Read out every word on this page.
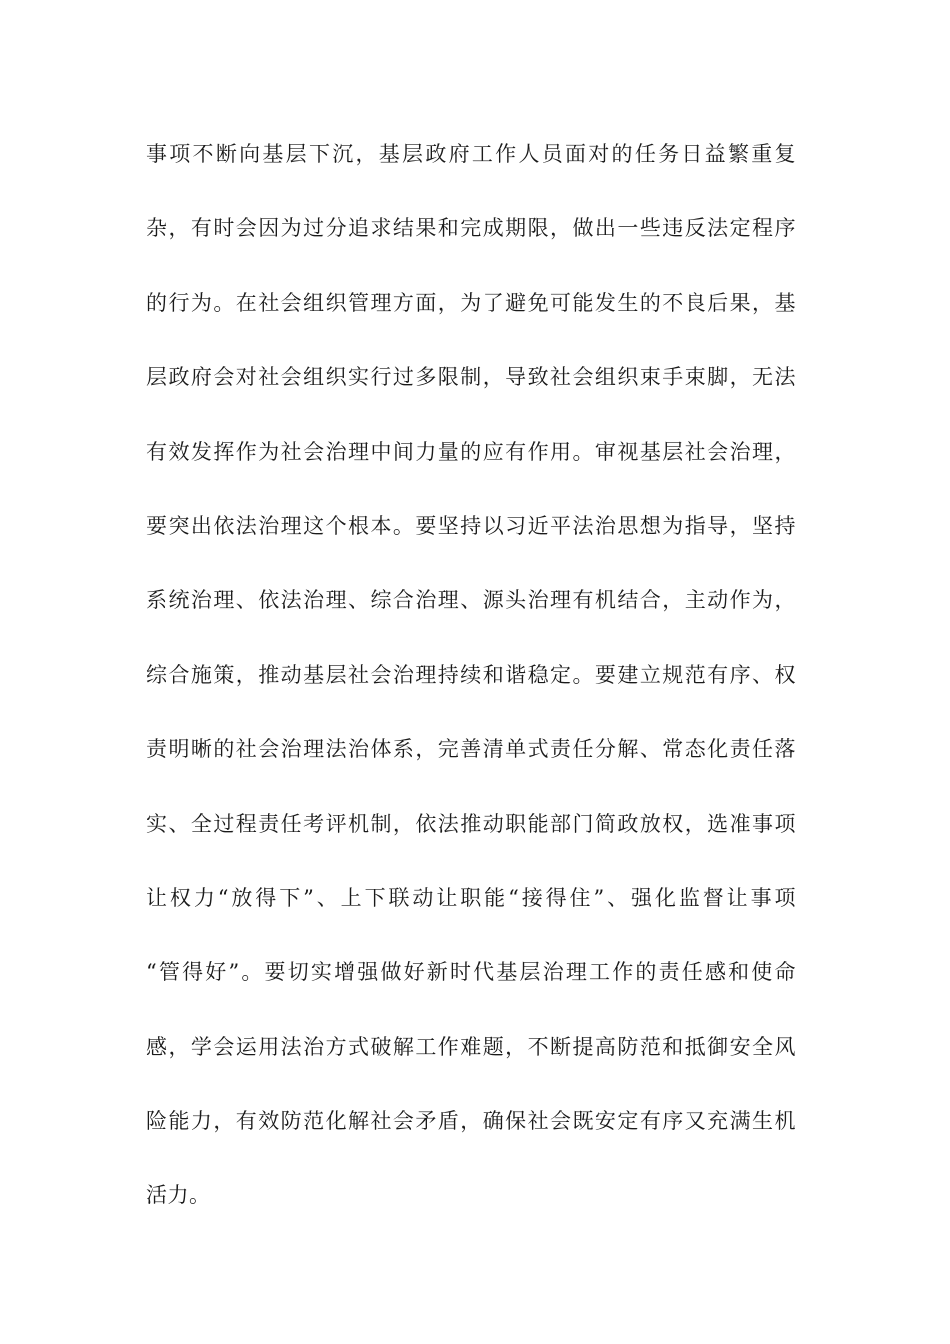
事项不断向基层下沉，基层政府工作人员面对的任务日益繁重复
杂，有时会因为过分追求结果和完成期限，做出一些违反法定程序
的行为。在社会组织管理方面，为了避免可能发生的不良后果，基
层政府会对社会组织实行过多限制，导致社会组织束手束脚，无法
有效发挥作为社会治理中间力量的应有作用。审视基层社会治理，
要突出依法治理这个根本。要坚持以习近平法治思想为指导，坚持
系统治理、依法治理、综合治理、源头治理有机结合，主动作为，
综合施策，推动基层社会治理持续和谐稳定。要建立规范有序、权
责明晰的社会治理法治体系，完善清单式责任分解、常态化责任落
实、全过程责任考评机制，依法推动职能部门简政放权，选准事项
让权力“放得下”、上下联动让职能“接得住”、强化监督让事项
“管得好”。要切实增强做好新时代基层治理工作的责任感和使命
感，学会运用法治方式破解工作难题，不断提高防范和抵御安全风
险能力，有效防范化解社会矛盾，确保社会既安定有序又充满生机
活力。
